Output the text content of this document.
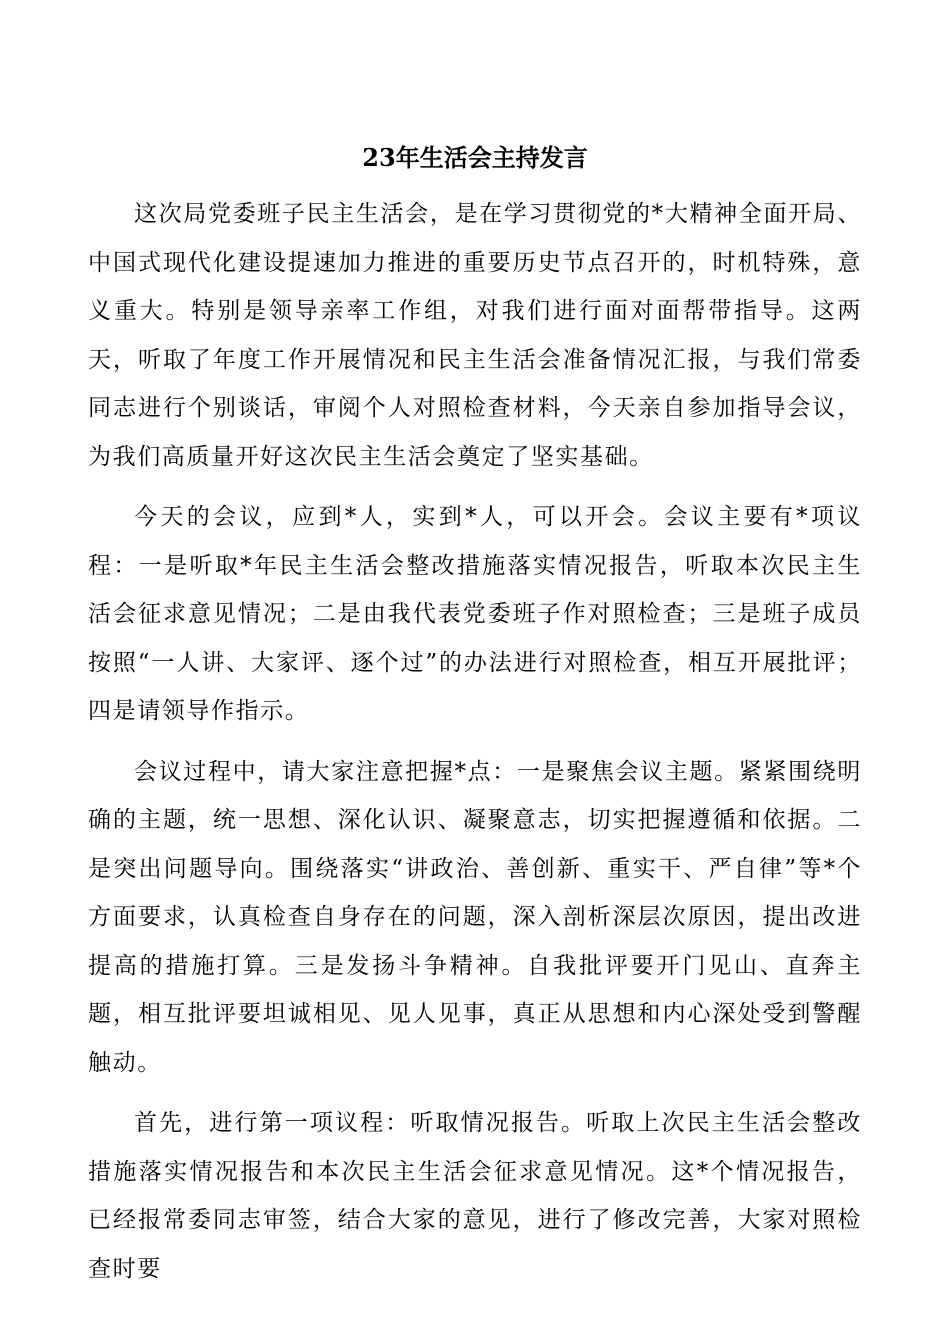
23年生活会主持发言

这次局党委班子民主生活会，是在学习贯彻党的*大精神全面开局、中国式现代化建设提速加力推进的重要历史节点召开的，时机特殊，意义重大。特别是领导亲率工作组，对我们进行面对面帮带指导。这两天，听取了年度工作开展情况和民主生活会准备情况汇报，与我们常委同志进行个别谈话，审阅个人对照检查材料，今天亲自参加指导会议，为我们高质量开好这次民主生活会奠定了坚实基础。

今天的会议，应到*人，实到*人，可以开会。会议主要有*项议程：一是听取*年民主生活会整改措施落实情况报告，听取本次民主生活会征求意见情况；二是由我代表党委班子作对照检查；三是班子成员按照“一人讲、大家评、逐个过”的办法进行对照检查，相互开展批评；四是请领导作指示。

会议过程中，请大家注意把握*点：一是聚焦会议主题。紧紧围绕明确的主题，统一思想、深化认识、凝聚意志，切实把握遵循和依据。二是突出问题导向。围绕落实“讲政治、善创新、重实干、严自律”等*个方面要求，认真检查自身存在的问题，深入剖析深层次原因，提出改进提高的措施打算。三是发扬斗争精神。自我批评要开门见山、直奔主题，相互批评要坦诚相见、见人见事，真正从思想和内心深处受到警醒触动。

首先，进行第一项议程：听取情况报告。听取上次民主生活会整改措施落实情况报告和本次民主生活会征求意见情况。这*个情况报告，已经报常委同志审签，结合大家的意见，进行了修改完善，大家对照检查时要
